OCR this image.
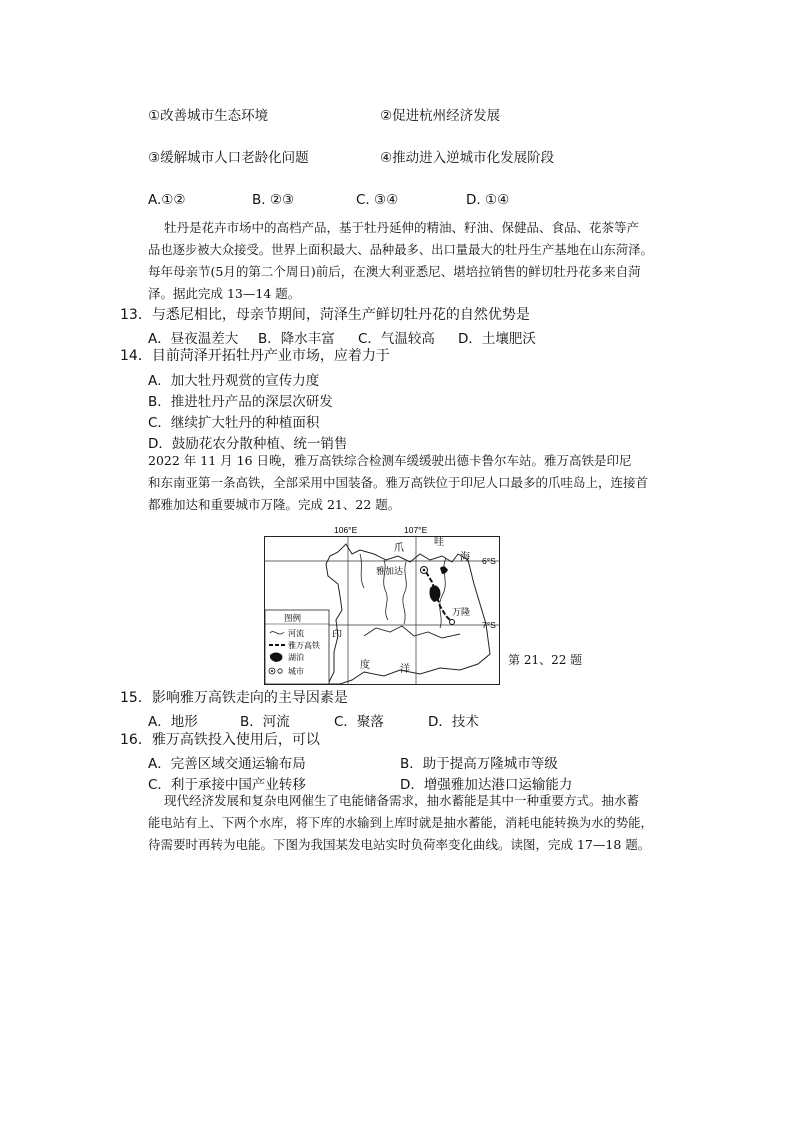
①改善城市生态环境	②促进杭州经济发展
③缓解城市人口老龄化问题	④推动进入逆城市化发展阶段
A.①②	B. ②③	C. ③④	D. ①④
牡丹是花卉市场中的高档产品，基于牡丹延伸的精油、籽油、保健品、食品、花茶等产
品也逐步被大众接受。世界上面积最大、品种最多、出口量最大的牡丹生产基地在山东菏泽。
每年母亲节(5月的第二个周日)前后，在澳大利亚悉尼、堪培拉销售的鲜切牡丹花多来自菏
泽。据此完成 13—14 题。
13．与悉尼相比，母亲节期间，菏泽生产鲜切牡丹花的自然优势是
A．昼夜温差大 B．降水丰富 C．气温较高 D．土壤肥沃
14．目前菏泽开拓牡丹产业市场，应着力于
A．加大牡丹观赏的宣传力度
B．推进牡丹产品的深层次研发
C．继续扩大牡丹的种植面积
D．鼓励花农分散种植、统一销售
2022 年 11 月 16 日晚，雅万高铁综合检测车缓缓驶出德卡鲁尔车站。雅万高铁是印尼
和东南亚第一条高铁，全部采用中国装备。雅万高铁位于印尼人口最多的爪哇岛上，连接首
都雅加达和重要城市万隆。完成 21、22 题。
106°E	107°E
6°S
7°S
爪
哇
海
雅加达
万隆
印
度	洋
图例
河流
雅万高铁
湖泊
城市
第 21、22 题
15．影响雅万高铁走向的主导因素是
A．地形	B．河流	C．聚落	D．技术
16．雅万高铁投入使用后，可以
A．完善区域交通运输布局	B．助于提高万隆城市等级
C．利于承接中国产业转移	D．增强雅加达港口运输能力
现代经济发展和复杂电网催生了电能储备需求，抽水蓄能是其中一种重要方式。抽水蓄
能电站有上、下两个水库，将下库的水输到上库时就是抽水蓄能，消耗电能转换为水的势能，
待需要时再转为电能。下图为我国某发电站实时负荷率变化曲线。读图，完成 17—18 题。
